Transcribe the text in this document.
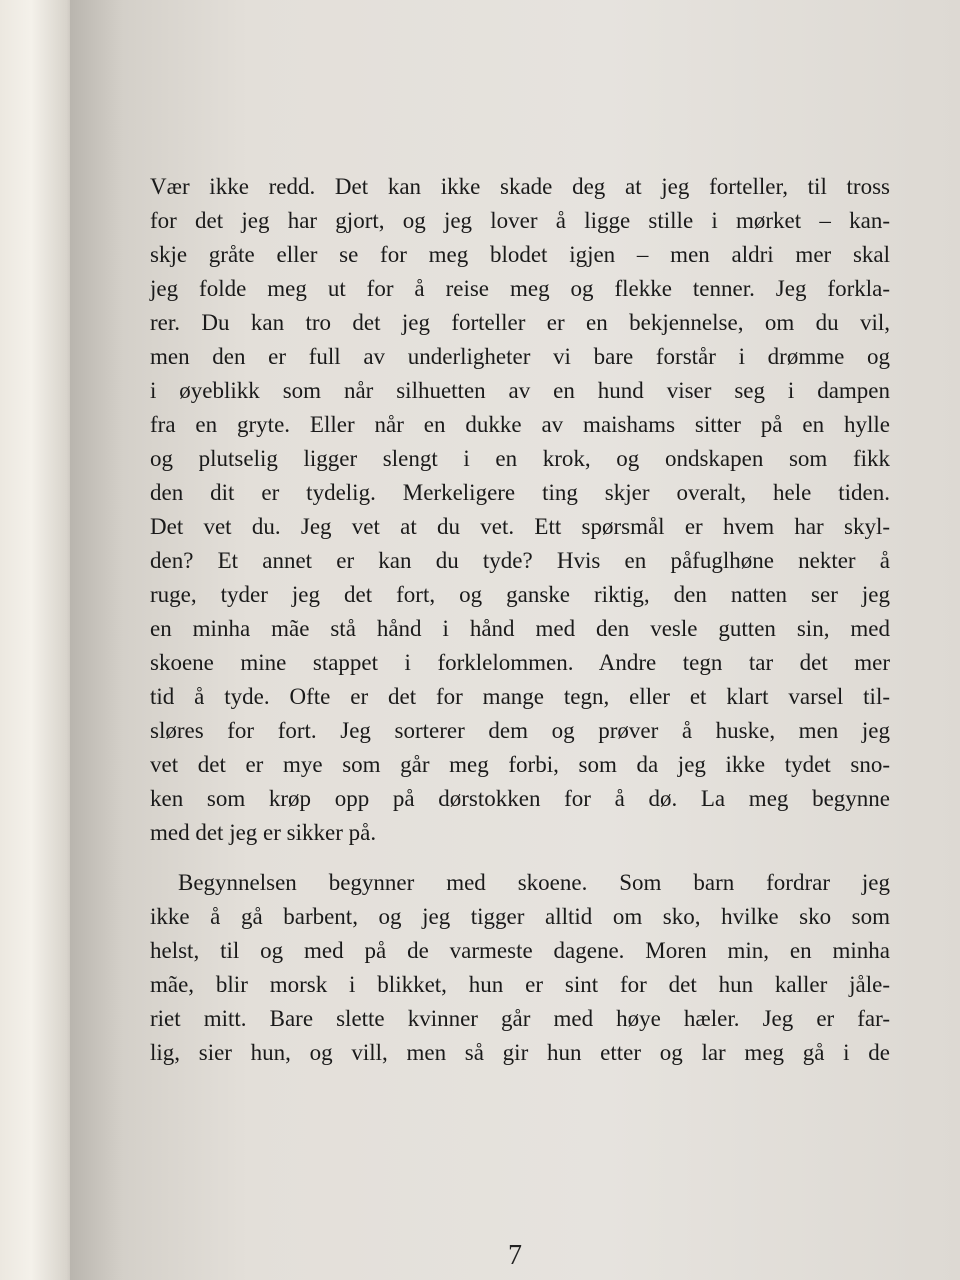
Vær ikke redd. Det kan ikke skade deg at jeg forteller, til tross
for det jeg har gjort, og jeg lover å ligge stille i mørket – kan-
skje gråte eller se for meg blodet igjen – men aldri mer skal
jeg folde meg ut for å reise meg og flekke tenner. Jeg forkla-
rer. Du kan tro det jeg forteller er en bekjennelse, om du vil,
men den er full av underligheter vi bare forstår i drømme og
i øyeblikk som når silhuetten av en hund viser seg i dampen
fra en gryte. Eller når en dukke av maishams sitter på en hylle
og plutselig ligger slengt i en krok, og ondskapen som fikk
den dit er tydelig. Merkeligere ting skjer overalt, hele tiden.
Det vet du. Jeg vet at du vet. Ett spørsmål er hvem har skyl-
den? Et annet er kan du tyde? Hvis en påfuglhøne nekter å
ruge, tyder jeg det fort, og ganske riktig, den natten ser jeg
en minha mãe stå hånd i hånd med den vesle gutten sin, med
skoene mine stappet i forklelommen. Andre tegn tar det mer
tid å tyde. Ofte er det for mange tegn, eller et klart varsel til-
sløres for fort. Jeg sorterer dem og prøver å huske, men jeg
vet det er mye som går meg forbi, som da jeg ikke tydet sno-
ken som krøp opp på dørstokken for å dø. La meg begynne
med det jeg er sikker på.
Begynnelsen begynner med skoene. Som barn fordrar jeg
ikke å gå barbent, og jeg tigger alltid om sko, hvilke sko som
helst, til og med på de varmeste dagene. Moren min, en minha
mãe, blir morsk i blikket, hun er sint for det hun kaller jåle-
riet mitt. Bare slette kvinner går med høye hæler. Jeg er far-
lig, sier hun, og vill, men så gir hun etter og lar meg gå i de
7
